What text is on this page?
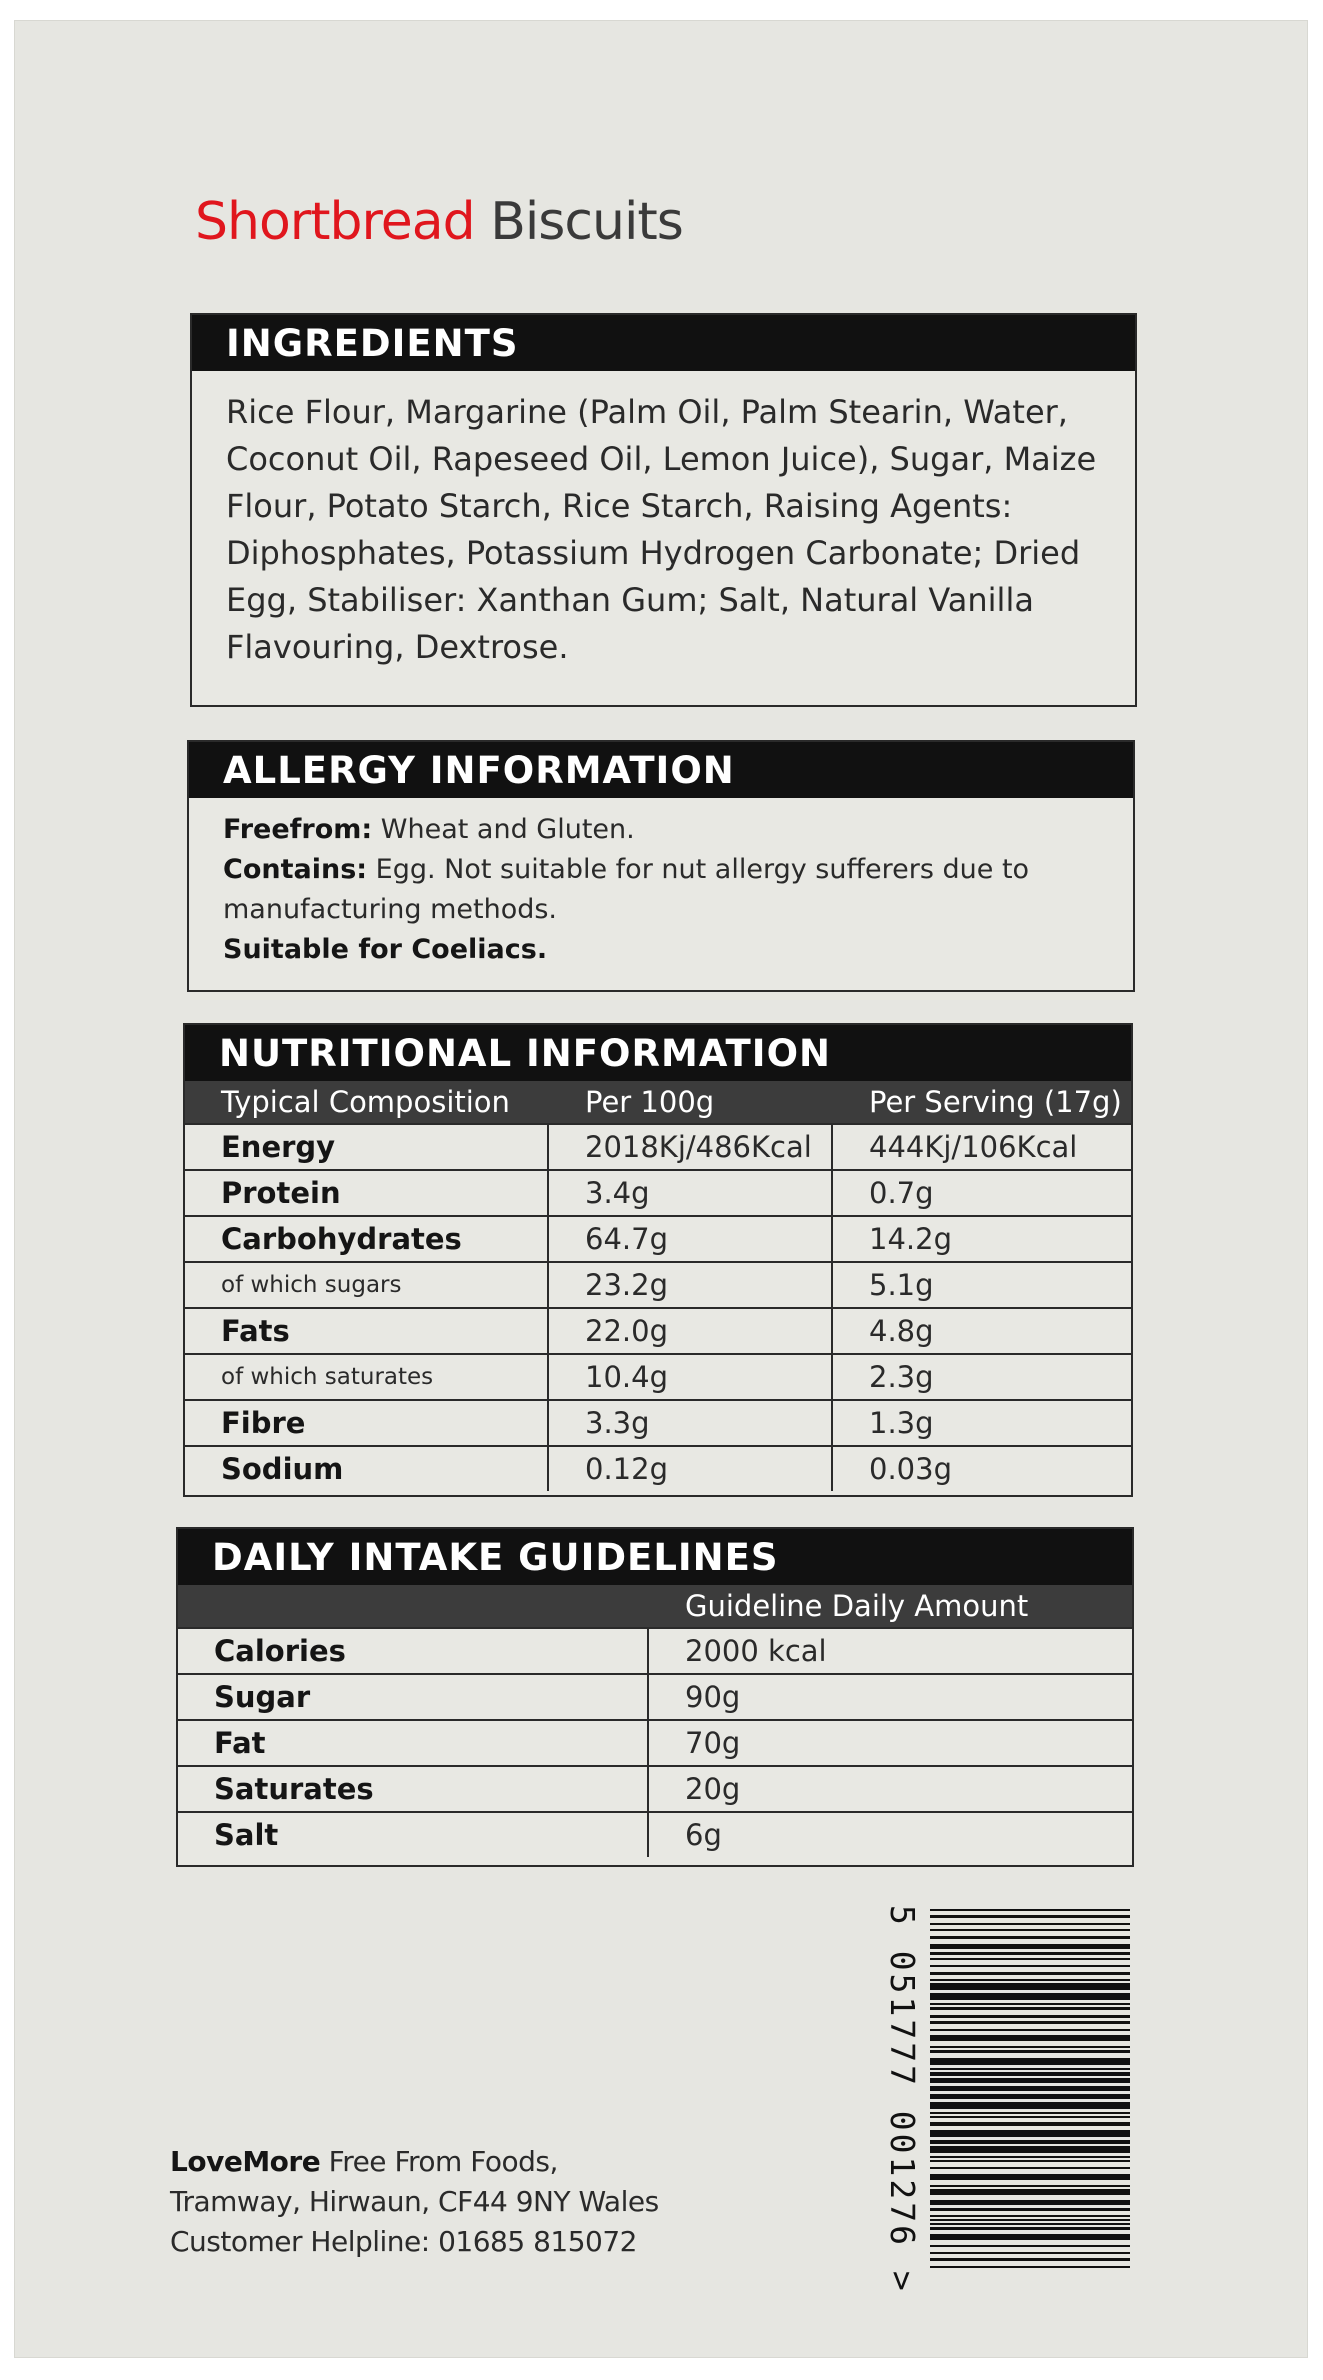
Shortbread Biscuits
INGREDIENTS
Rice Flour, Margarine (Palm Oil, Palm Stearin, Water,
Coconut Oil, Rapeseed Oil, Lemon Juice), Sugar, Maize
Flour, Potato Starch, Rice Starch, Raising Agents:
Diphosphates, Potassium Hydrogen Carbonate; Dried
Egg, Stabiliser: Xanthan Gum; Salt, Natural Vanilla
Flavouring, Dextrose.
ALLERGY INFORMATION
Freefrom: Wheat and Gluten.
Contains: Egg. Not suitable for nut allergy sufferers due to
manufacturing methods.
Suitable for Coeliacs.
NUTRITIONAL INFORMATION
Typical Composition	Per 100g	Per Serving (17g)
Energy	2018Kj/486Kcal	444Kj/106Kcal
Protein	3.4g	0.7g
Carbohydrates	64.7g	14.2g
of which sugars	23.2g	5.1g
Fats	22.0g	4.8g
of which saturates	10.4g	2.3g
Fibre	3.3g	1.3g
Sodium	0.12g	0.03g
DAILY INTAKE GUIDELINES
	Guideline Daily Amount
Calories	2000 kcal
Sugar	90g
Fat	70g
Saturates	20g
Salt	6g
5 051777 001276 >
LoveMore Free From Foods,
Tramway, Hirwaun, CF44 9NY Wales
Customer Helpline: 01685 815072
